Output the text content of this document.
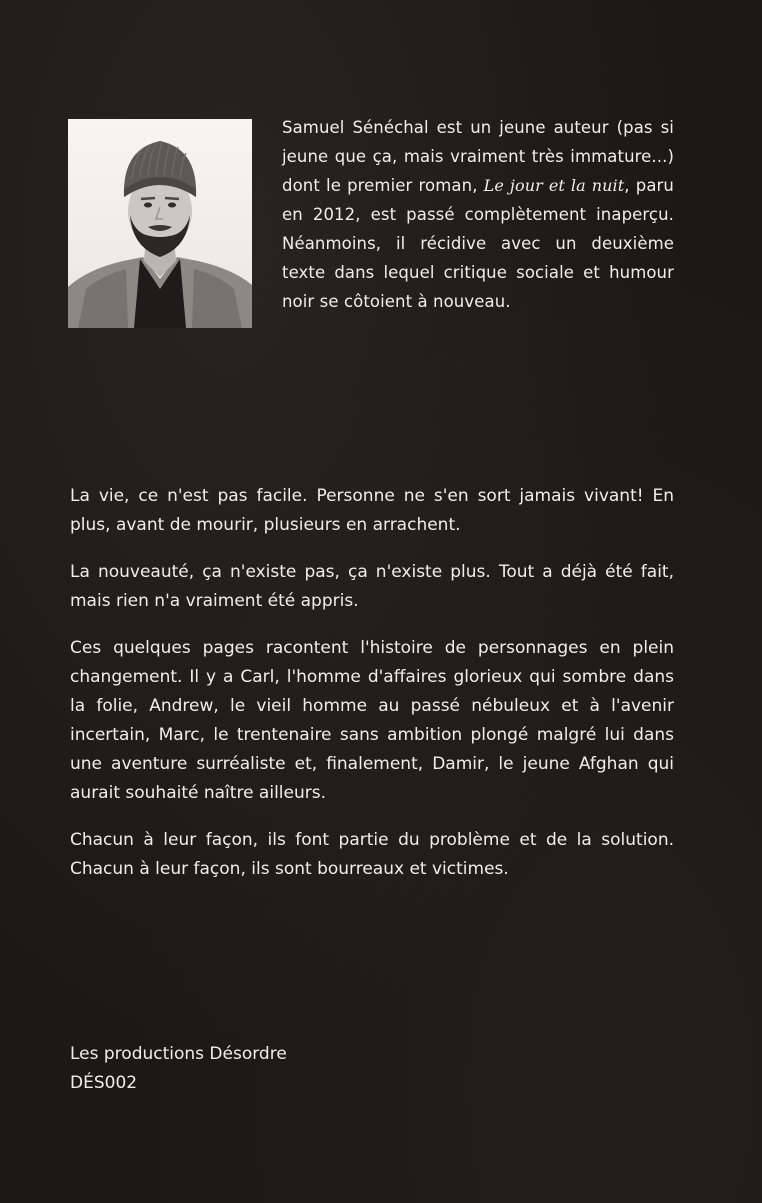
Samuel Sénéchal est un jeune auteur (pas si jeune que ça, mais vraiment très immature...) dont le premier roman, Le jour et la nuit, paru en 2012, est passé complètement inaperçu. Néanmoins, il récidive avec un deuxième texte dans lequel critique sociale et humour noir se côtoient à nouveau.

La vie, ce n'est pas facile. Personne ne s'en sort jamais vivant! En plus, avant de mourir, plusieurs en arrachent.

La nouveauté, ça n'existe pas, ça n'existe plus. Tout a déjà été fait, mais rien n'a vraiment été appris.

Ces quelques pages racontent l'histoire de personnages en plein changement. Il y a Carl, l'homme d'affaires glorieux qui sombre dans la folie, Andrew, le vieil homme au passé nébuleux et à l'avenir incertain, Marc, le trentenaire sans ambition plongé malgré lui dans une aventure surréaliste et, finalement, Damir, le jeune Afghan qui aurait souhaité naître ailleurs.

Chacun à leur façon, ils font partie du problème et de la solution. Chacun à leur façon, ils sont bourreaux et victimes.

Les productions Désordre
DÉS002
